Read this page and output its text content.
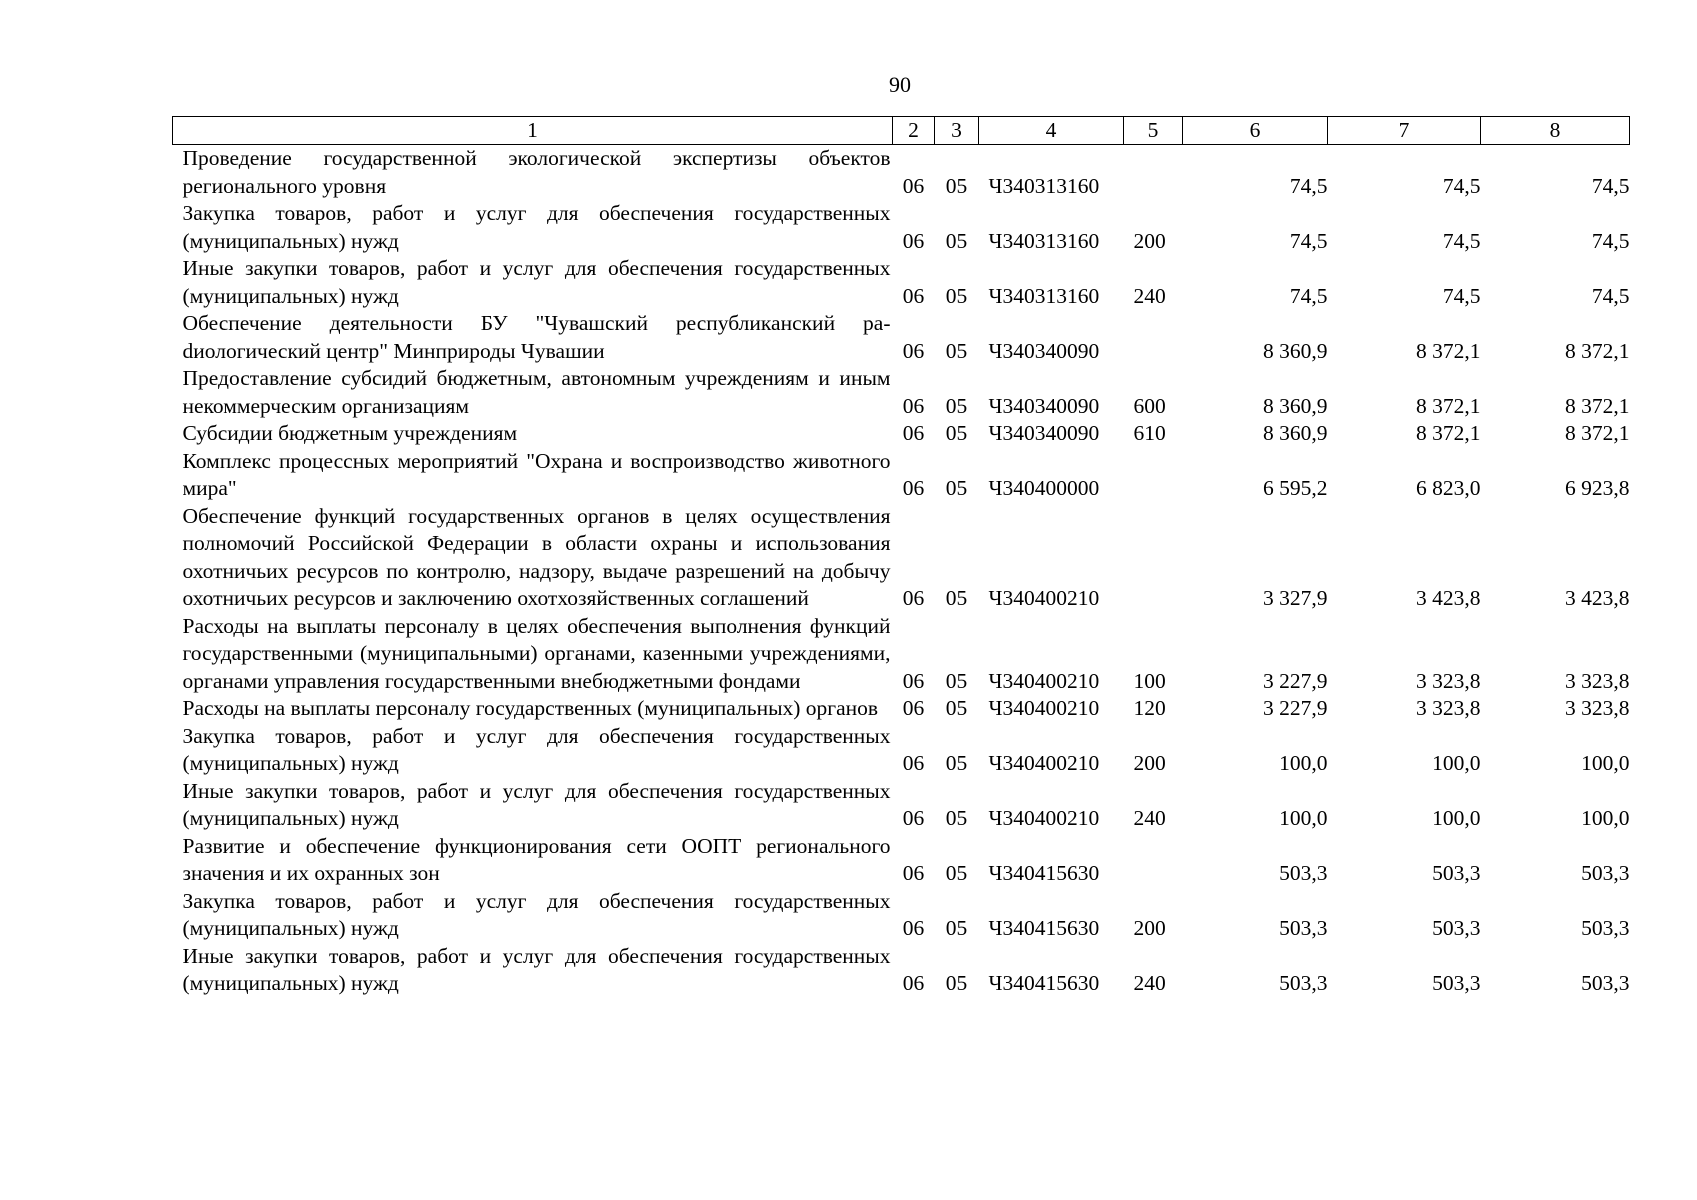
90
1	2	3	4	5	6	7	8
Проведение государственной экологической экспертизы объектов регионального уровня	06	05	Ч340313160		74,5	74,5	74,5
Закупка товаров, работ и услуг для обеспечения государственных (муниципальных) нужд	06	05	Ч340313160	200	74,5	74,5	74,5
Иные закупки товаров, работ и услуг для обеспечения государственных (муниципальных) нужд	06	05	Ч340313160	240	74,5	74,5	74,5
Обеспечение деятельности БУ "Чувашский республиканский раdиологический центр" Минприроды Чувашии	06	05	Ч340340090		8 360,9	8 372,1	8 372,1
Предоставление субсидий бюджетным, автономным учреждениям и иным некоммерческим организациям	06	05	Ч340340090	600	8 360,9	8 372,1	8 372,1
Субсидии бюджетным учреждениям	06	05	Ч340340090	610	8 360,9	8 372,1	8 372,1
Комплекс процессных мероприятий "Охрана и воспроизводство животного мира"	06	05	Ч340400000		6 595,2	6 823,0	6 923,8
Обеспечение функций государственных органов в целях осуществления полномочий Российской Федерации в области охраны и использования охотничьих ресурсов по контролю, надзору, выдаче разрешений на добычу охотничьих ресурсов и заключению охотхозяйственных соглашений	06	05	Ч340400210		3 327,9	3 423,8	3 423,8
Расходы на выплаты персоналу в целях обеспечения выполнения функций государственными (муниципальными) органами, казенными учреждениями, органами управления государственными внебюджетными фондами	06	05	Ч340400210	100	3 227,9	3 323,8	3 323,8
Расходы на выплаты персоналу государственных (муниципальных) органов	06	05	Ч340400210	120	3 227,9	3 323,8	3 323,8
Закупка товаров, работ и услуг для обеспечения государственных (муниципальных) нужд	06	05	Ч340400210	200	100,0	100,0	100,0
Иные закупки товаров, работ и услуг для обеспечения государственных (муниципальных) нужд	06	05	Ч340400210	240	100,0	100,0	100,0
Развитие и обеспечение функционирования сети ООПТ регионального значения и их охранных зон	06	05	Ч340415630		503,3	503,3	503,3
Закупка товаров, работ и услуг для обеспечения государственных (муниципальных) нужд	06	05	Ч340415630	200	503,3	503,3	503,3
Иные закупки товаров, работ и услуг для обеспечения государственных (муниципальных) нужд	06	05	Ч340415630	240	503,3	503,3	503,3
